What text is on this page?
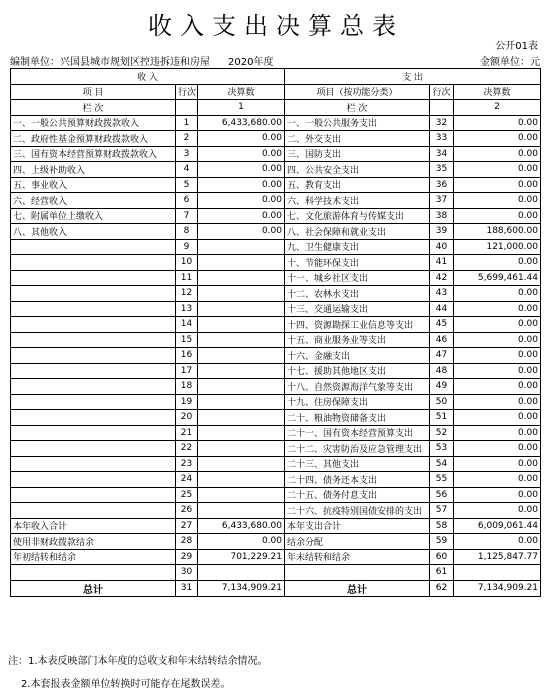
收入支出决算总表
公开01表
编制单位：兴国县城市规划区控违拆违和房屋 2020年度	金额单位：元
收 入			支 出		
项 目	行次	决算数	项目（按功能分类）	行次	决算数
栏 次		1	栏 次		2
一、一般公共预算财政拨款收入	1	6,433,680.00	一、一般公共服务支出	32	0.00
二、政府性基金预算财政拨款收入	2	0.00	二、外交支出	33	0.00
三、国有资本经营预算财政拨款收入	3	0.00	三、国防支出	34	0.00
四、上级补助收入	4	0.00	四、公共安全支出	35	0.00
五、事业收入	5	0.00	五、教育支出	36	0.00
六、经营收入	6	0.00	六、科学技术支出	37	0.00
七、附属单位上缴收入	7	0.00	七、文化旅游体育与传媒支出	38	0.00
八、其他收入	8	0.00	八、社会保障和就业支出	39	188,600.00
	9		九、卫生健康支出	40	121,000.00
	10		十、节能环保支出	41	0.00
	11		十一、城乡社区支出	42	5,699,461.44
	12		十二、农林水支出	43	0.00
	13		十三、交通运输支出	44	0.00
	14		十四、资源勘探工业信息等支出	45	0.00
	15		十五、商业服务业等支出	46	0.00
	16		十六、金融支出	47	0.00
	17		十七、援助其他地区支出	48	0.00
	18		十八、自然资源海洋气象等支出	49	0.00
	19		十九、住房保障支出	50	0.00
	20		二十、粮油物资储备支出	51	0.00
	21		二十一、国有资本经营预算支出	52	0.00
	22		二十二、灾害防治及应急管理支出	53	0.00
	23		二十三、其他支出	54	0.00
	24		二十四、债务还本支出	55	0.00
	25		二十五、债务付息支出	56	0.00
	26		二十六、抗疫特别国债安排的支出	57	0.00
本年收入合计	27	6,433,680.00	本年支出合计	58	6,009,061.44
使用非财政拨款结余	28	0.00	结余分配	59	0.00
年初结转和结余	29	701,229.21	年末结转和结余	60	1,125,847.77
	30			61	
总计	31	7,134,909.21	总计	62	7,134,909.21
注：1.本表反映部门本年度的总收支和年末结转结余情况。
2.本套报表金额单位转换时可能存在尾数误差。
